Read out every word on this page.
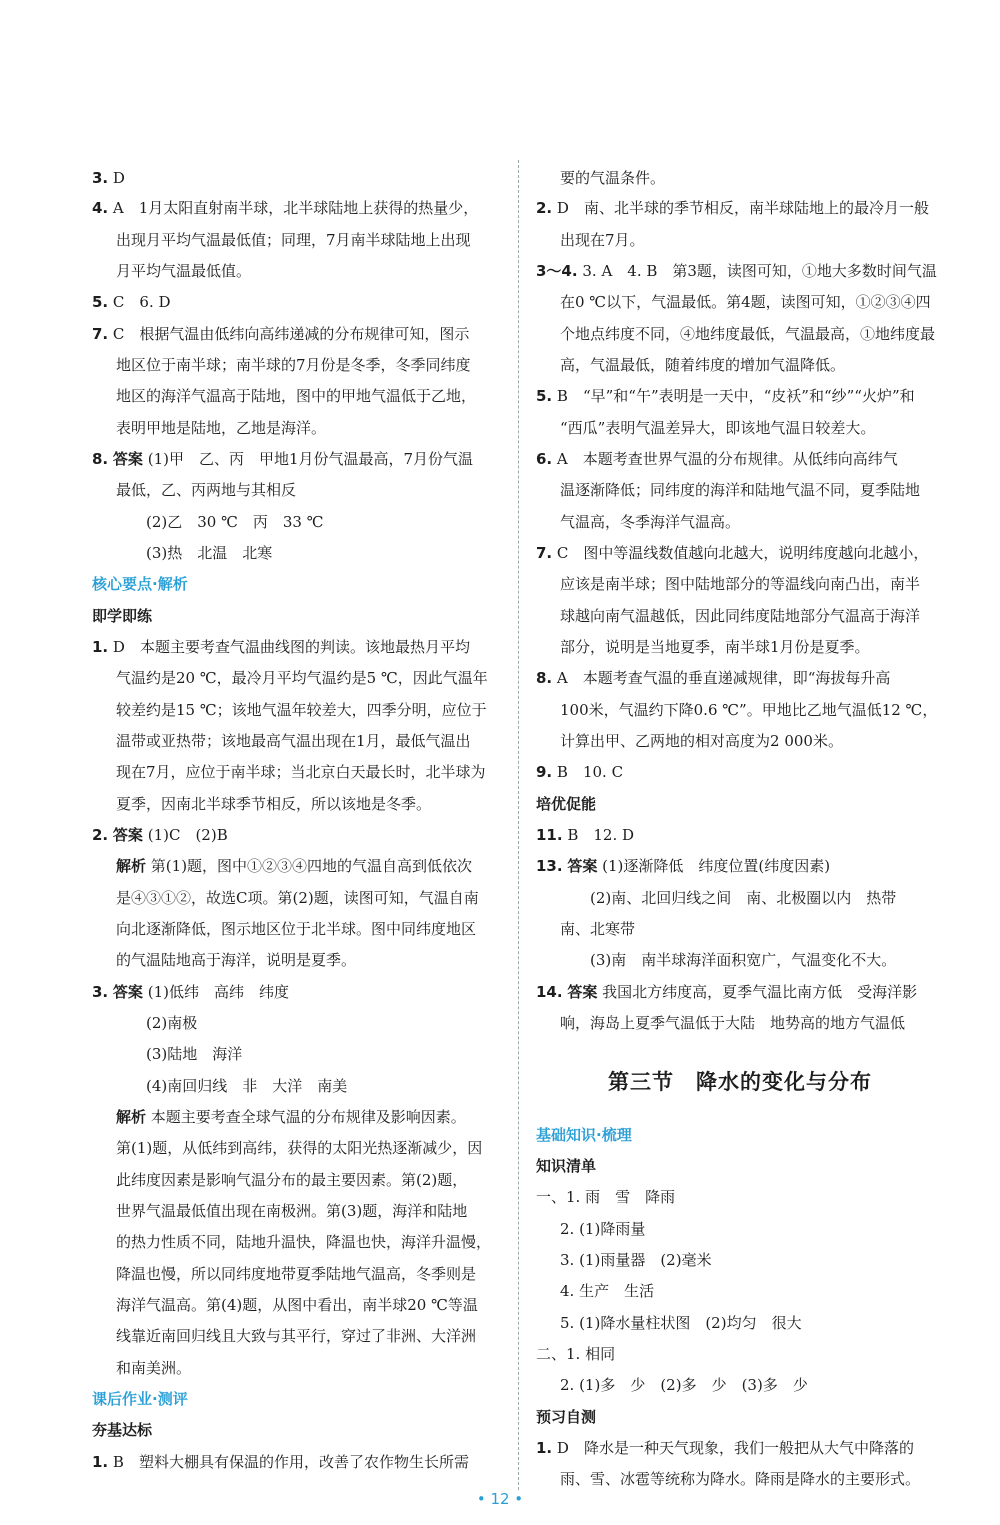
3. D
4. A　1月太阳直射南半球，北半球陆地上获得的热量少，
出现月平均气温最低值；同理，7月南半球陆地上出现
月平均气温最低值。
5. C　6. D
7. C　根据气温由低纬向高纬递减的分布规律可知，图示
地区位于南半球；南半球的7月份是冬季，冬季同纬度
地区的海洋气温高于陆地，图中的甲地气温低于乙地，
表明甲地是陆地，乙地是海洋。
8. 答案 (1)甲　乙、丙　甲地1月份气温最高，7月份气温
最低，乙、丙两地与其相反
(2)乙　30 ℃　丙　33 ℃
(3)热　北温　北寒
核心要点·解析
即学即练
1. D　本题主要考查气温曲线图的判读。该地最热月平均
气温约是20 ℃，最冷月平均气温约是5 ℃，因此气温年
较差约是15 ℃；该地气温年较差大，四季分明，应位于
温带或亚热带；该地最高气温出现在1月，最低气温出
现在7月，应位于南半球；当北京白天最长时，北半球为
夏季，因南北半球季节相反，所以该地是冬季。
2. 答案 (1)C　(2)B
解析 第(1)题，图中①②③④四地的气温自高到低依次
是④③①②，故选C项。第(2)题，读图可知，气温自南
向北逐渐降低，图示地区位于北半球。图中同纬度地区
的气温陆地高于海洋，说明是夏季。
3. 答案 (1)低纬　高纬　纬度
(2)南极
(3)陆地　海洋
(4)南回归线　非　大洋　南美
解析 本题主要考查全球气温的分布规律及影响因素。
第(1)题，从低纬到高纬，获得的太阳光热逐渐减少，因
此纬度因素是影响气温分布的最主要因素。第(2)题，
世界气温最低值出现在南极洲。第(3)题，海洋和陆地
的热力性质不同，陆地升温快，降温也快，海洋升温慢，
降温也慢，所以同纬度地带夏季陆地气温高，冬季则是
海洋气温高。第(4)题，从图中看出，南半球20 ℃等温
线靠近南回归线且大致与其平行，穿过了非洲、大洋洲
和南美洲。
课后作业·测评
夯基达标
1. B　塑料大棚具有保温的作用，改善了农作物生长所需
第三节　 降水的变化与分布
要的气温条件。
2. D　南、北半球的季节相反，南半球陆地上的最冷月一般
出现在7月。
3～4. 3. A　4. B　第3题，读图可知，①地大多数时间气温
在0 ℃以下，气温最低。第4题，读图可知，①②③④四
个地点纬度不同，④地纬度最低，气温最高，①地纬度最
高，气温最低，随着纬度的增加气温降低。
5. B　“早”和“午”表明是一天中，“皮袄”和“纱”“火炉”和
“西瓜”表明气温差异大，即该地气温日较差大。
6. A　本题考查世界气温的分布规律。从低纬向高纬气
温逐渐降低；同纬度的海洋和陆地气温不同，夏季陆地
气温高，冬季海洋气温高。
7. C　图中等温线数值越向北越大，说明纬度越向北越小，
应该是南半球；图中陆地部分的等温线向南凸出，南半
球越向南气温越低，因此同纬度陆地部分气温高于海洋
部分，说明是当地夏季，南半球1月份是夏季。
8. A　本题考查气温的垂直递减规律，即“海拔每升高
100米，气温约下降0.6 ℃”。甲地比乙地气温低12 ℃，
计算出甲、乙两地的相对高度为2 000米。
9. B　10. C
培优促能
11. B　12. D
13. 答案 (1)逐渐降低　纬度位置(纬度因素)
(2)南、北回归线之间　南、北极圈以内　热带
南、北寒带
(3)南　南半球海洋面积宽广，气温变化不大。
14. 答案 我国北方纬度高，夏季气温比南方低　受海洋影
响，海岛上夏季气温低于大陆　地势高的地方气温低
基础知识·梳理
知识清单
一、1. 雨　雪　降雨
2. (1)降雨量
3. (1)雨量器　(2)毫米
4. 生产　生活
5. (1)降水量柱状图　(2)均匀　很大
二、1. 相同
2. (1)多　少　(2)多　少　(3)多　少
预习自测
1. D　降水是一种天气现象，我们一般把从大气中降落的
雨、雪、冰雹等统称为降水。降雨是降水的主要形式。
• 12 •
